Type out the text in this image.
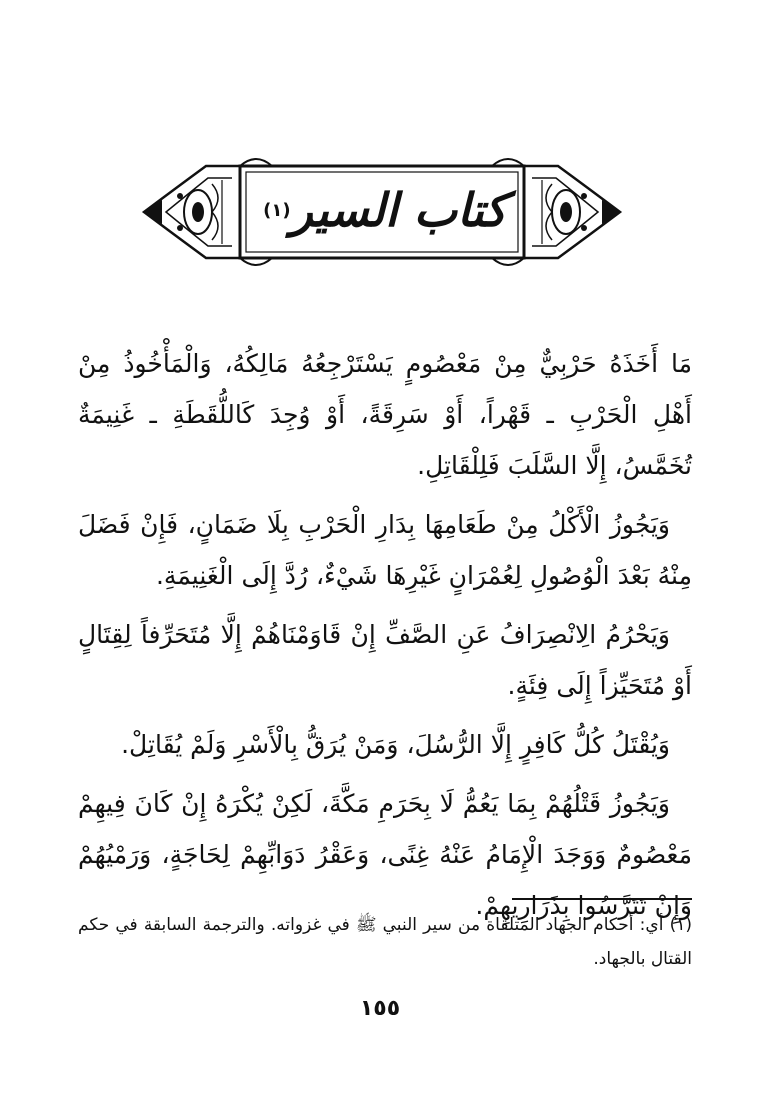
كتاب السير
(١)

مَا أَخَذَهُ حَرْبِيٌّ مِنْ مَعْصُومٍ يَسْتَرْجِعُهُ مَالِكُهُ، وَالْمَأْخُوذُ مِنْ أَهْلِ الْحَرْبِ ـ قَهْراً، أَوْ سَرِقَةً، أَوْ وُجِدَ كَاللُّقَطَةِ ـ غَنِيمَةٌ تُخَمَّسُ، إِلَّا السَّلَبَ فَلِلْقَاتِلِ.

وَيَجُوزُ الْأَكْلُ مِنْ طَعَامِهَا بِدَارِ الْحَرْبِ بِلَا ضَمَانٍ، فَإِنْ فَضَلَ مِنْهُ بَعْدَ الْوُصُولِ لِعُمْرَانٍ غَيْرِهَا شَيْءٌ، رُدَّ إِلَى الْغَنِيمَةِ.

وَيَحْرُمُ الِانْصِرَافُ عَنِ الصَّفِّ إِنْ قَاوَمْنَاهُمْ إِلَّا مُتَحَرِّفاً لِقِتَالٍ أَوْ مُتَحَيِّزاً إِلَى فِئَةٍ.

وَيُقْتَلُ كُلُّ كَافِرٍ إِلَّا الرُّسُلَ، وَمَنْ يُرَقُّ بِالْأَسْرِ وَلَمْ يُقَاتِلْ.

وَيَجُوزُ قَتْلُهُمْ بِمَا يَعُمُّ لَا بِحَرَمِ مَكَّةَ، لَكِنْ يُكْرَهُ إِنْ كَانَ فِيهِمْ مَعْصُومٌ وَوَجَدَ الْإِمَامُ عَنْهُ غِنًى، وَعَقْرُ دَوَابِّهِمْ لِحَاجَةٍ، وَرَمْيُهُمْ وَإِنْ تَتَرَّسُوا بِذَرَارِيهِمْ.

(١) أي: أحكام الجهاد المتلقاة من سير النبي ﷺ في غزواته. والترجمة السابقة في حكم القتال بالجهاد.
١٥٥
